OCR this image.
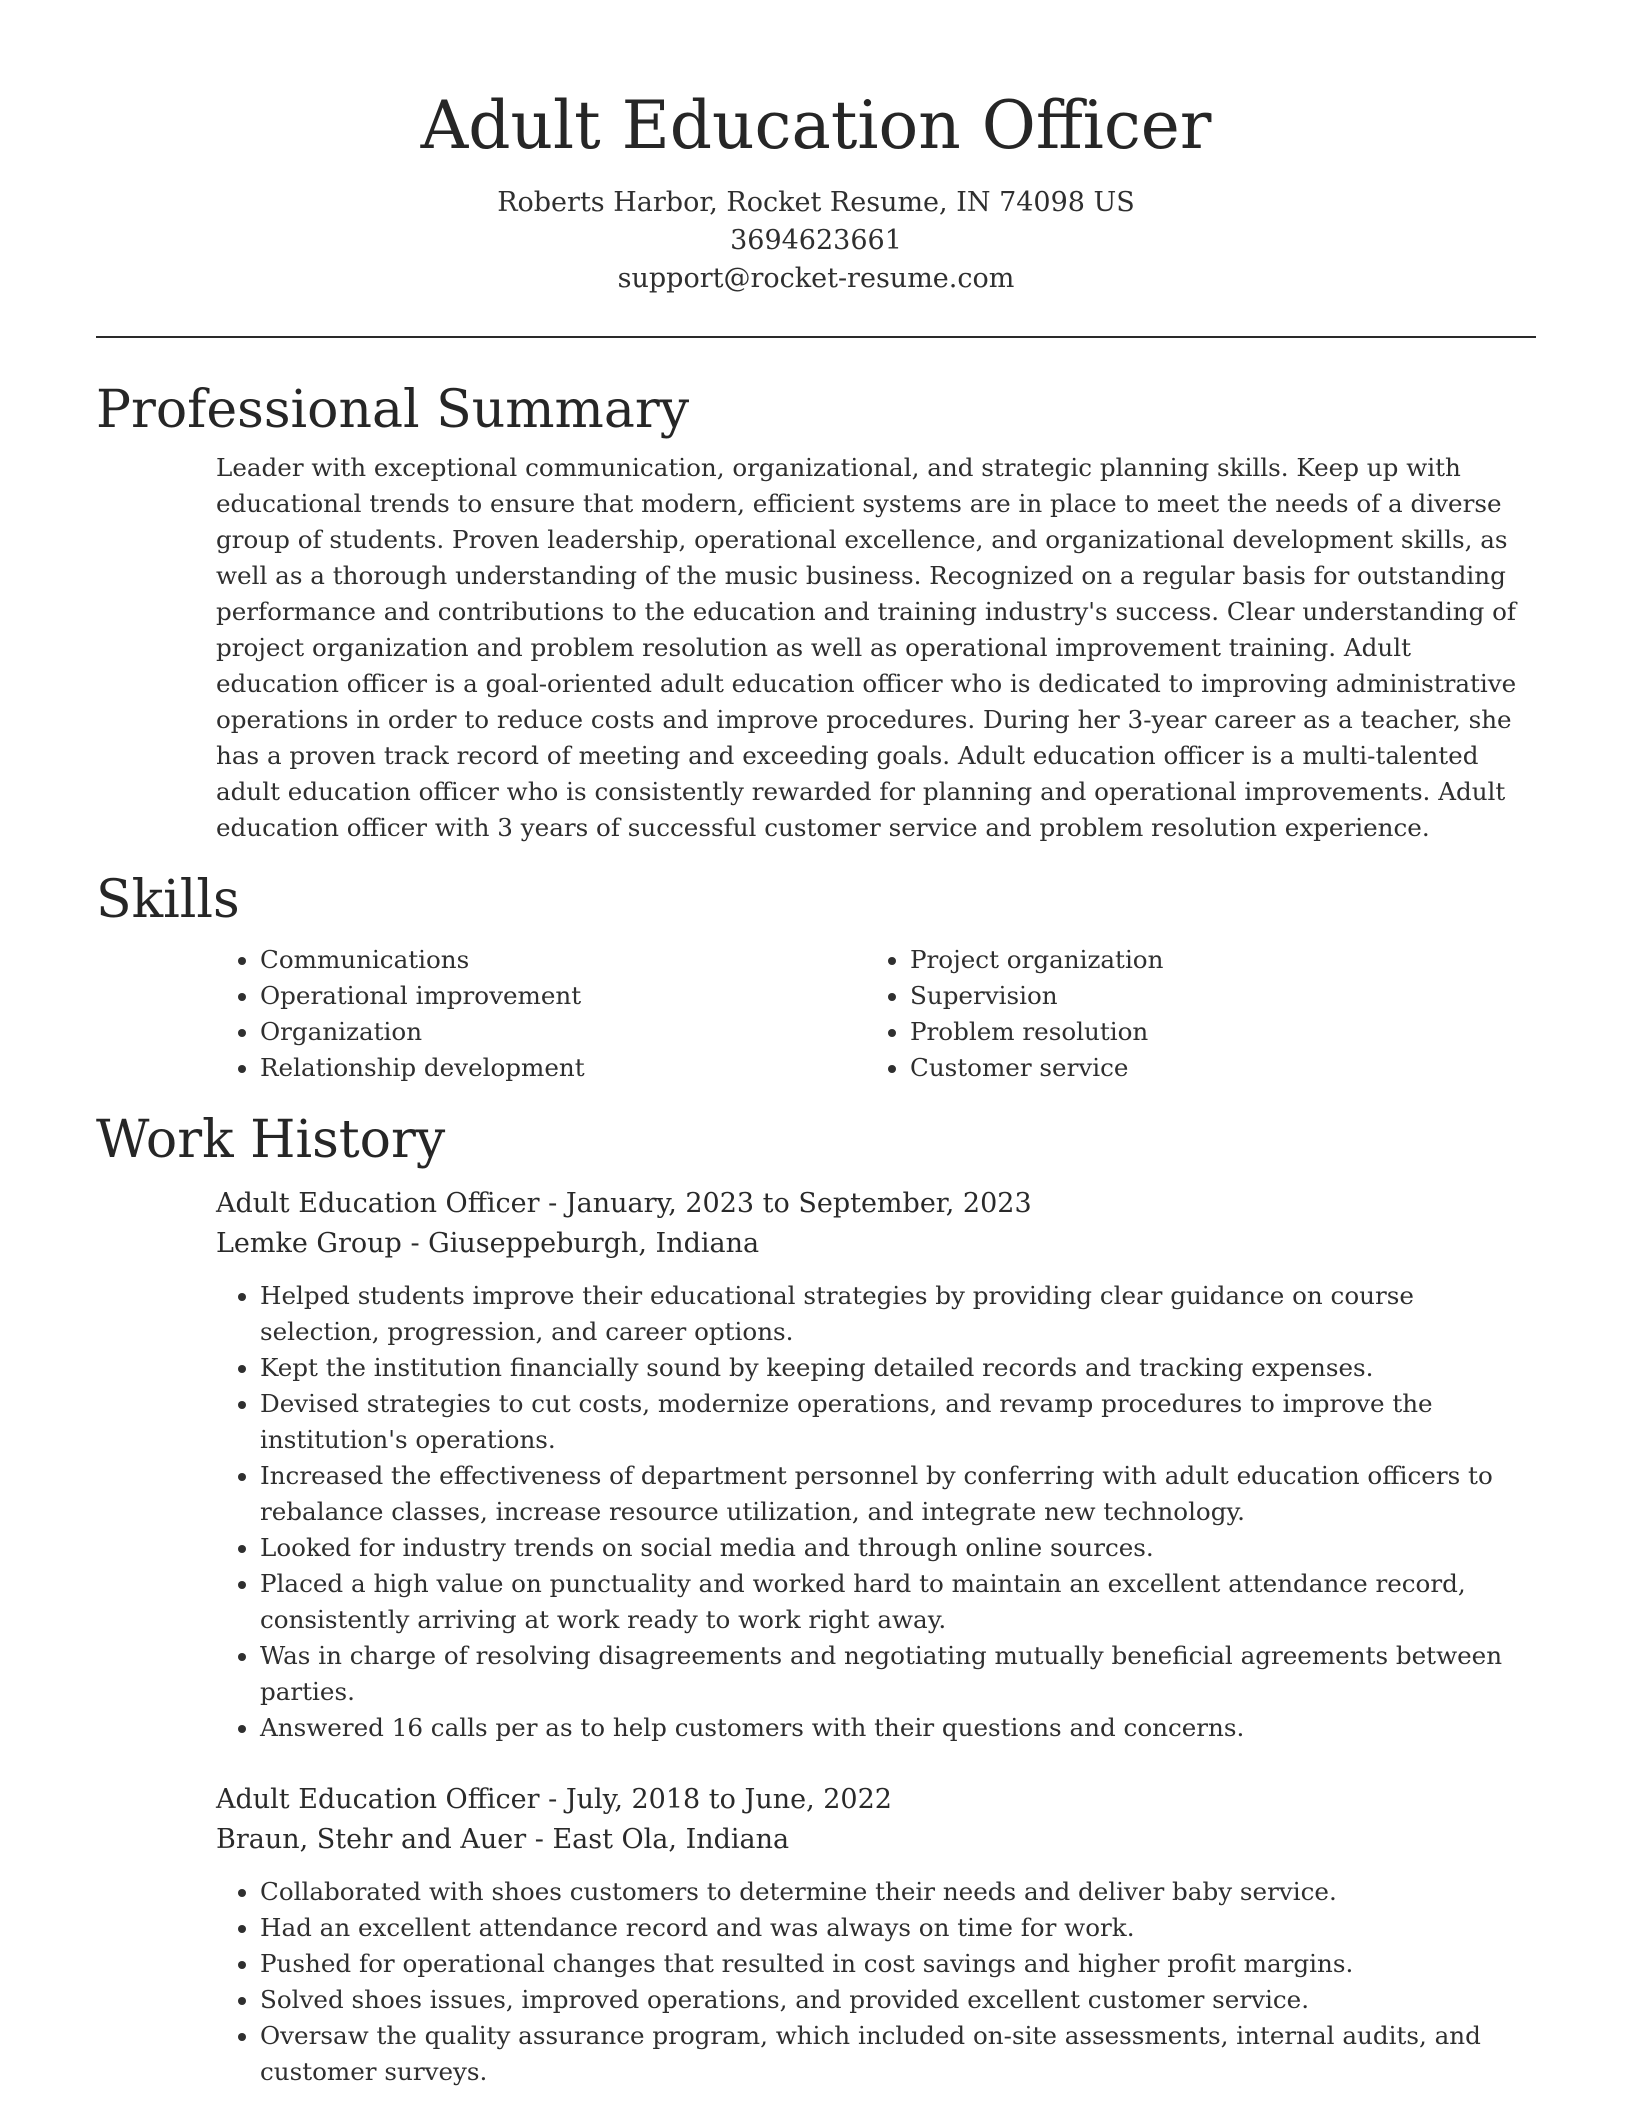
Adult Education Officer
Roberts Harbor, Rocket Resume, IN 74098 US
3694623661
support@rocket-resume.com
Professional Summary

Leader with exceptional communication, organizational, and strategic planning skills. Keep up with educational trends to ensure that modern, efficient systems are in place to meet the needs of a diverse group of students. Proven leadership, operational excellence, and organizational development skills, as well as a thorough understanding of the music business. Recognized on a regular basis for outstanding performance and contributions to the education and training industry's success. Clear understanding of project organization and problem resolution as well as operational improvement training. Adult education officer is a goal-oriented adult education officer who is dedicated to improving administrative operations in order to reduce costs and improve procedures. During her 3-year career as a teacher, she has a proven track record of meeting and exceeding goals. Adult education officer is a multi-talented adult education officer who is consistently rewarded for planning and operational improvements. Adult education officer with 3 years of successful customer service and problem resolution experience.

Skills
• Communications
• Operational improvement
• Organization
• Relationship development
• Project organization
• Supervision
• Problem resolution
• Customer service
Work History
Adult Education Officer - January, 2023 to September, 2023
Lemke Group - Giuseppeburgh, Indiana
• Helped students improve their educational strategies by providing clear guidance on course selection, progression, and career options.
• Kept the institution financially sound by keeping detailed records and tracking expenses.
• Devised strategies to cut costs, modernize operations, and revamp procedures to improve the institution's operations.
• Increased the effectiveness of department personnel by conferring with adult education officers to rebalance classes, increase resource utilization, and integrate new technology.
• Looked for industry trends on social media and through online sources.
• Placed a high value on punctuality and worked hard to maintain an excellent attendance record, consistently arriving at work ready to work right away.
• Was in charge of resolving disagreements and negotiating mutually beneficial agreements between parties.
• Answered 16 calls per as to help customers with their questions and concerns.
Adult Education Officer - July, 2018 to June, 2022
Braun, Stehr and Auer - East Ola, Indiana
• Collaborated with shoes customers to determine their needs and deliver baby service.
• Had an excellent attendance record and was always on time for work.
• Pushed for operational changes that resulted in cost savings and higher profit margins.
• Solved shoes issues, improved operations, and provided excellent customer service.
• Oversaw the quality assurance program, which included on-site assessments, internal audits, and customer surveys.
